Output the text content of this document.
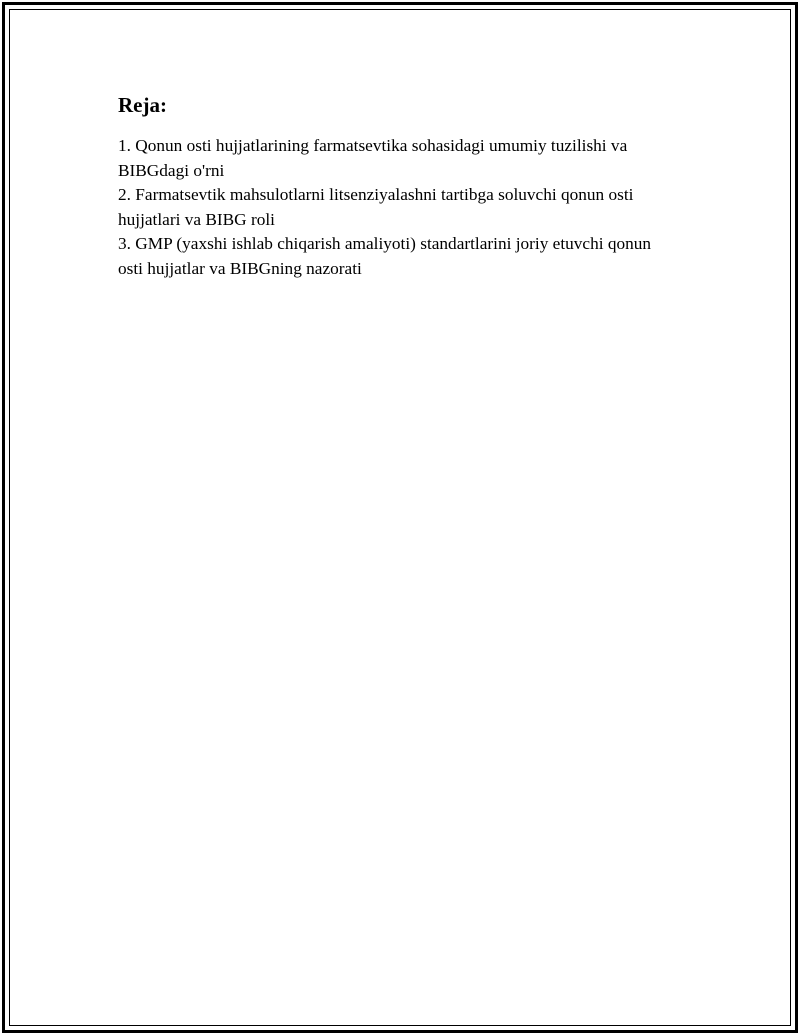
Reja:

1. Qonun osti hujjatlarining farmatsevtika sohasidagi umumiy tuzilishi va BIBGdagi o'rni

2. Farmatsevtik mahsulotlarni litsenziyalashni tartibga soluvchi qonun osti hujjatlari va BIBG roli

3. GMP (yaxshi ishlab chiqarish amaliyoti) standartlarini joriy etuvchi qonun osti hujjatlar va BIBGning nazorati
